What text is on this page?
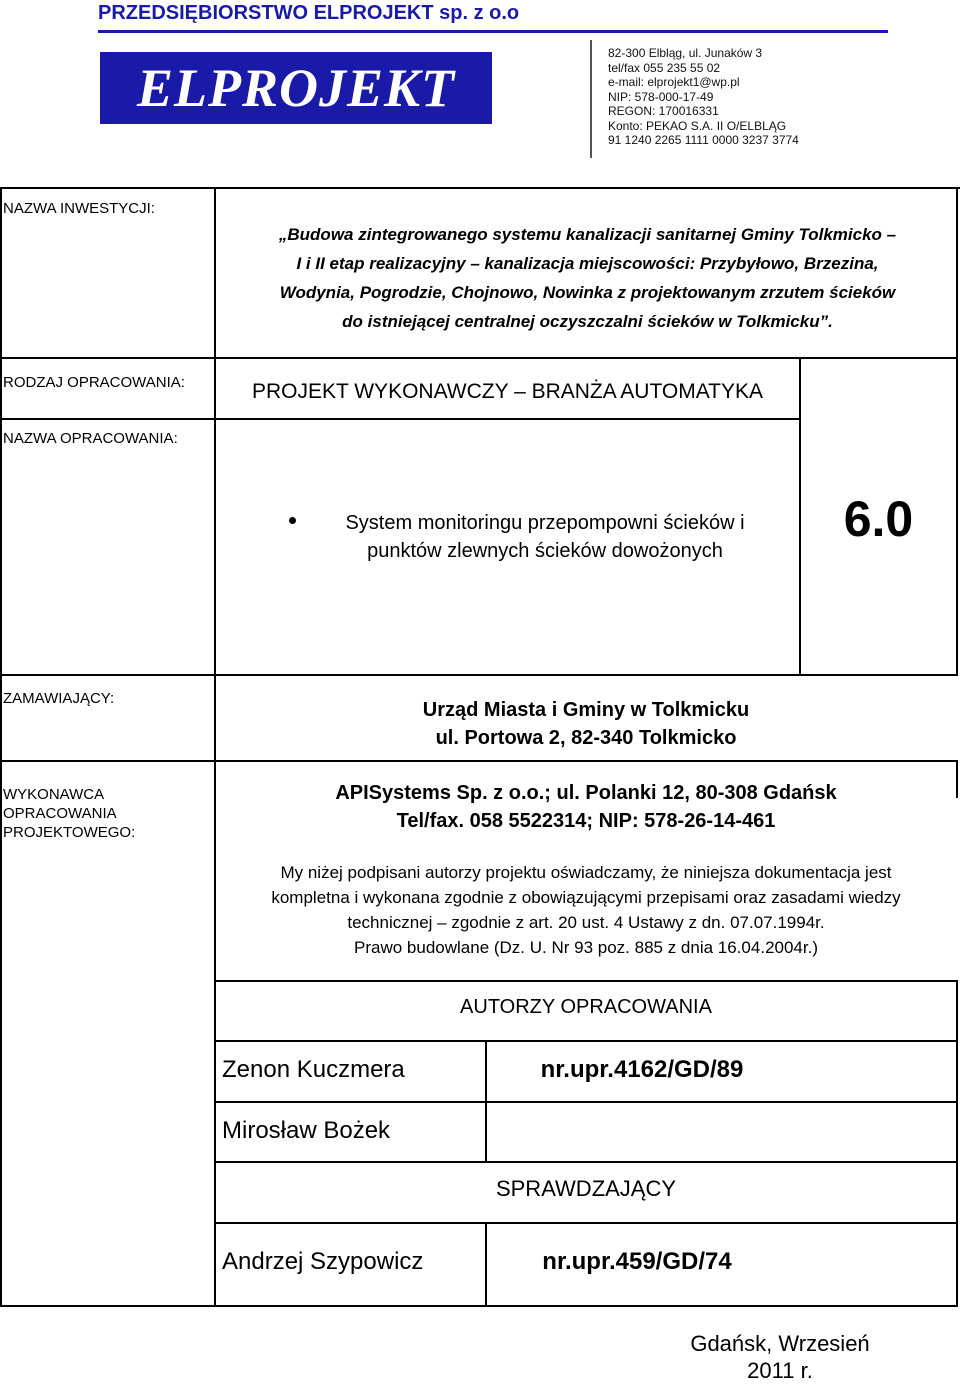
PRZEDSIĘBIORSTWO ELPROJEKT sp. z o.o
ELPROJEKT
82-300 Elbląg, ul. Junaków 3
tel/fax 055 235 55 02
e-mail: elprojekt1@wp.pl
NIP: 578-000-17-49
REGON: 170016331
Konto: PEKAO S.A. II O/ELBLĄG
91 1240 2265 1111 0000 3237 3774
NAZWA INWESTYCJI:
RODZAJ OPRACOWANIA:
NAZWA OPRACOWANIA:
ZAMAWIAJĄCY:
WYKONAWCA
OPRACOWANIA
PROJEKTOWEGO:
„Budowa zintegrowanego systemu kanalizacji sanitarnej Gminy Tolkmicko –
I i II etap realizacyjny – kanalizacja miejscowości: Przybyłowo, Brzezina,
Wodynia, Pogrodzie, Chojnowo, Nowinka z projektowanym zrzutem ścieków
do istniejącej centralnej oczyszczalni ścieków w Tolkmicku”.
PROJEKT WYKONAWCZY – BRANŻA AUTOMATYKA
System monitoringu przepompowni ścieków i
punktów zlewnych ścieków dowożonych
6.0
Urząd Miasta i Gminy w Tolkmicku
ul. Portowa 2, 82-340 Tolkmicko
APISystems Sp. z o.o.; ul. Polanki 12, 80-308 Gdańsk
Tel/fax. 058 5522314; NIP: 578-26-14-461
My niżej podpisani autorzy projektu oświadczamy, że niniejsza dokumentacja jest
kompletna i wykonana zgodnie z obowiązującymi przepisami oraz zasadami wiedzy
technicznej – zgodnie z art. 20 ust. 4 Ustawy z dn. 07.07.1994r.
Prawo budowlane (Dz. U. Nr 93 poz. 885 z dnia 16.04.2004r.)
AUTORZY OPRACOWANIA
Zenon Kuczmera	nr.upr.4162/GD/89
Mirosław Bożek
SPRAWDZAJĄCY
Andrzej Szypowicz	nr.upr.459/GD/74
Gdańsk, Wrzesień
2011 r.
